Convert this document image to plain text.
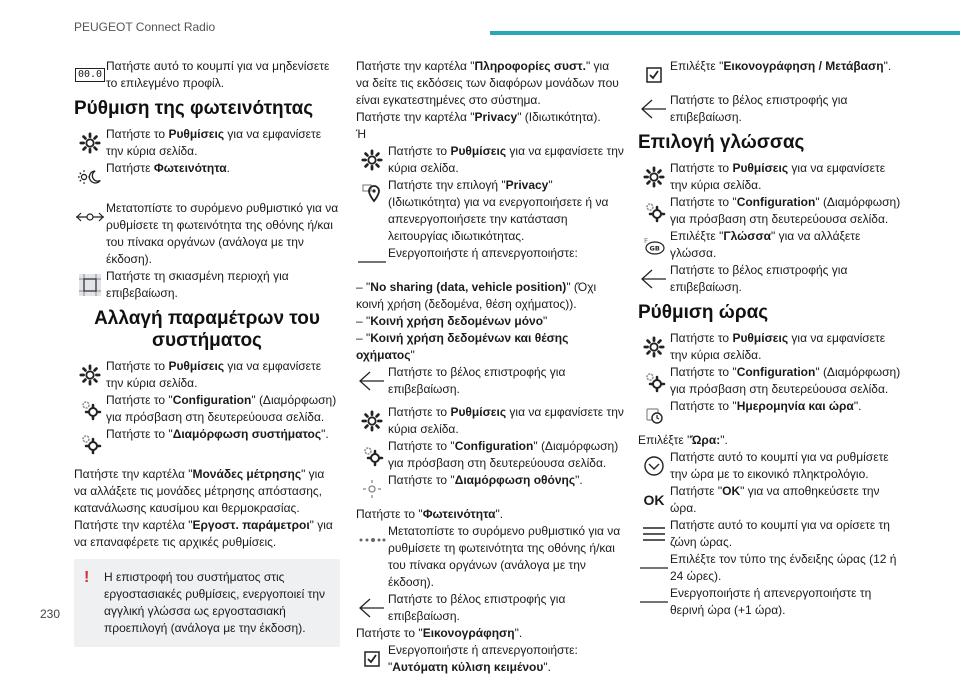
PEUGEOT Connect Radio
00.0
Πατήστε αυτό το κουμπί για να μηδενίσετε το επιλεγμένο προφίλ.
Ρύθμιση της φωτεινότητας
Πατήστε το Ρυθμίσεις για να εμφανίσετε την κύρια σελίδα.
Πατήστε Φωτεινότητα.
Μετατοπίστε το συρόμενο ρυθμιστικό για να ρυθμίσετε τη φωτεινότητα της οθόνης ή/και του πίνακα οργάνων (ανάλογα με την έκδοση).
Πατήστε τη σκιασμένη περιοχή για επιβεβαίωση.
Αλλαγή παραμέτρων του συστήματος
Πατήστε το Ρυθμίσεις για να εμφανίσετε την κύρια σελίδα.
Πατήστε το "Configuration" (Διαμόρφωση) για πρόσβαση στη δευτερεύουσα σελίδα.
Πατήστε το "Διαμόρφωση συστήματος".
Πατήστε την καρτέλα "Μονάδες μέτρησης" για να αλλάξετε τις μονάδες μέτρησης απόστασης, κατανάλωσης καυσίμου και θερμοκρασίας.
Πατήστε την καρτέλα "Εργοστ. παράμετροι" για να επαναφέρετε τις αρχικές ρυθμίσεις.
!	Η επιστροφή του συστήματος στις εργοστασιακές ρυθμίσεις, ενεργοποιεί την αγγλική γλώσσα ως εργοστασιακή προεπιλογή (ανάλογα με την έκδοση).
Πατήστε την καρτέλα "Πληροφορίες συστ." για να δείτε τις εκδόσεις των διαφόρων μονάδων που είναι εγκατεστημένες στο σύστημα.
Πατήστε την καρτέλα "Privacy" (Ιδιωτικότητα).
Ή
Πατήστε το Ρυθμίσεις για να εμφανίσετε την κύρια σελίδα.
Πατήστε την επιλογή "Privacy" (Ιδιωτικότητα) για να ενεργοποιήσετε ή να απενεργοποιήσετε την κατάσταση λειτουργίας ιδιωτικότητας.
Ενεργοποιήστε ή απενεργοποιήστε:
– "No sharing (data, vehicle position)" (Όχι κοινή χρήση (δεδομένα, θέση οχήματος)).
– "Κοινή χρήση δεδομένων μόνο"
– "Κοινή χρήση δεδομένων και θέσης οχήματος"
Πατήστε το βέλος επιστροφής για επιβεβαίωση.
Πατήστε το Ρυθμίσεις για να εμφανίσετε την κύρια σελίδα.
Πατήστε το "Configuration" (Διαμόρφωση) για πρόσβαση στη δευτερεύουσα σελίδα.
Πατήστε το "Διαμόρφωση οθόνης".
Πατήστε το "Φωτεινότητα".
Μετατοπίστε το συρόμενο ρυθμιστικό για να ρυθμίσετε τη φωτεινότητα της οθόνης ή/και του πίνακα οργάνων (ανάλογα με την έκδοση).
Πατήστε το βέλος επιστροφής για επιβεβαίωση.
Πατήστε το "Εικονογράφηση".
Ενεργοποιήστε ή απενεργοποιήστε: "Αυτόματη κύλιση κειμένου".
Επιλέξτε "Εικονογράφηση / Μετάβαση".
Πατήστε το βέλος επιστροφής για επιβεβαίωση.
Επιλογή γλώσσας
Πατήστε το Ρυθμίσεις για να εμφανίσετε την κύρια σελίδα.
Πατήστε το "Configuration" (Διαμόρφωση) για πρόσβαση στη δευτερεύουσα σελίδα.
F
GB
Επιλέξτε "Γλώσσα" για να αλλάξετε γλώσσα.
Πατήστε το βέλος επιστροφής για επιβεβαίωση.
Ρύθμιση ώρας
Πατήστε το Ρυθμίσεις για να εμφανίσετε την κύρια σελίδα.
Πατήστε το "Configuration" (Διαμόρφωση) για πρόσβαση στη δευτερεύουσα σελίδα.
Πατήστε το "Ημερομηνία και ώρα".
Επιλέξτε "Ώρα:".
Πατήστε αυτό το κουμπί για να ρυθμίσετε την ώρα με το εικονικό πληκτρολόγιο.
OK
Πατήστε "OK" για να αποθηκεύσετε την ώρα.
Πατήστε αυτό το κουμπί για να ορίσετε τη ζώνη ώρας.
Επιλέξτε τον τύπο της ένδειξης ώρας (12 ή 24 ώρες).
Ενεργοποιήστε ή απενεργοποιήστε τη θερινή ώρα (+1 ώρα).
230
